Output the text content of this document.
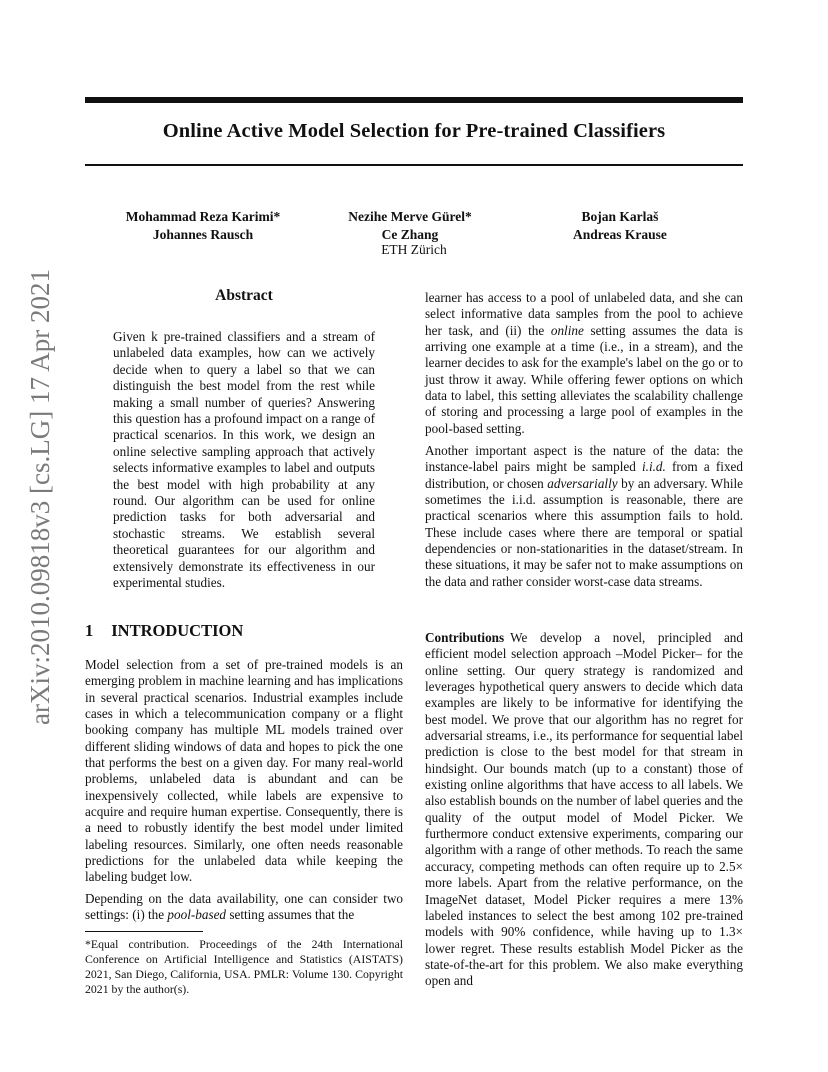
Online Active Model Selection for Pre-trained Classifiers
Mohammad Reza Karimi*
Johannes Rausch
Nezihe Merve Gürel*
Ce Zhang
Bojan Karlaš
Andreas Krause
ETH Zürich
arXiv:2010.09818v3 [cs.LG] 17 Apr 2021	Abstract
Given k pre-trained classifiers and a stream of unlabeled data examples, how can we actively decide when to query a label so that we can distinguish the best model from the rest while making a small number of queries? Answering this question has a profound impact on a range of practical scenarios. In this work, we design an online selective sampling approach that actively selects informative examples to label and outputs the best model with high probability at any round. Our algorithm can be used for online prediction tasks for both adversarial and stochastic streams. We establish several theoretical guarantees for our algorithm and extensively demonstrate its effectiveness in our experimental studies.
1 INTRODUCTION
Model selection from a set of pre-trained models is an emerging problem in machine learning and has implications in several practical scenarios. Industrial examples include cases in which a telecommunication company or a flight booking company has multiple ML models trained over different sliding windows of data and hopes to pick the one that performs the best on a given day. For many real-world problems, unlabeled data is abundant and can be inexpensively collected, while labels are expensive to acquire and require human expertise. Consequently, there is a need to robustly identify the best model under limited labeling resources. Similarly, one often needs reasonable predictions for the unlabeled data while keeping the labeling budget low.
Depending on the data availability, one can consider two settings: (i) the pool-based setting assumes that the
*Equal contribution. Proceedings of the 24th International Conference on Artificial Intelligence and Statistics (AISTATS) 2021, San Diego, California, USA. PMLR: Volume 130. Copyright 2021 by the author(s).
learner has access to a pool of unlabeled data, and she can select informative data samples from the pool to achieve her task, and (ii) the online setting assumes the data is arriving one example at a time (i.e., in a stream), and the learner decides to ask for the example's label on the go or to just throw it away. While offering fewer options on which data to label, this setting alleviates the scalability challenge of storing and processing a large pool of examples in the pool-based setting.
Another important aspect is the nature of the data: the instance-label pairs might be sampled i.i.d. from a fixed distribution, or chosen adversarially by an adversary. While sometimes the i.i.d. assumption is reasonable, there are practical scenarios where this assumption fails to hold. These include cases where there are temporal or spatial dependencies or non-stationarities in the dataset/stream. In these situations, it may be safer not to make assumptions on the data and rather consider worst-case data streams.
Contributions We develop a novel, principled and efficient model selection approach –Model Picker– for the online setting. Our query strategy is randomized and leverages hypothetical query answers to decide which data examples are likely to be informative for identifying the best model. We prove that our algorithm has no regret for adversarial streams, i.e., its performance for sequential label prediction is close to the best model for that stream in hindsight. Our bounds match (up to a constant) those of existing online algorithms that have access to all labels. We also establish bounds on the number of label queries and the quality of the output model of Model Picker. We furthermore conduct extensive experiments, comparing our algorithm with a range of other methods. To reach the same accuracy, competing methods can often require up to 2.5× more labels. Apart from the relative performance, on the ImageNet dataset, Model Picker requires a mere 13% labeled instances to select the best among 102 pre-trained models with 90% confidence, while having up to 1.3× lower regret. These results establish Model Picker as the state-of-the-art for this problem. We also make everything open and
